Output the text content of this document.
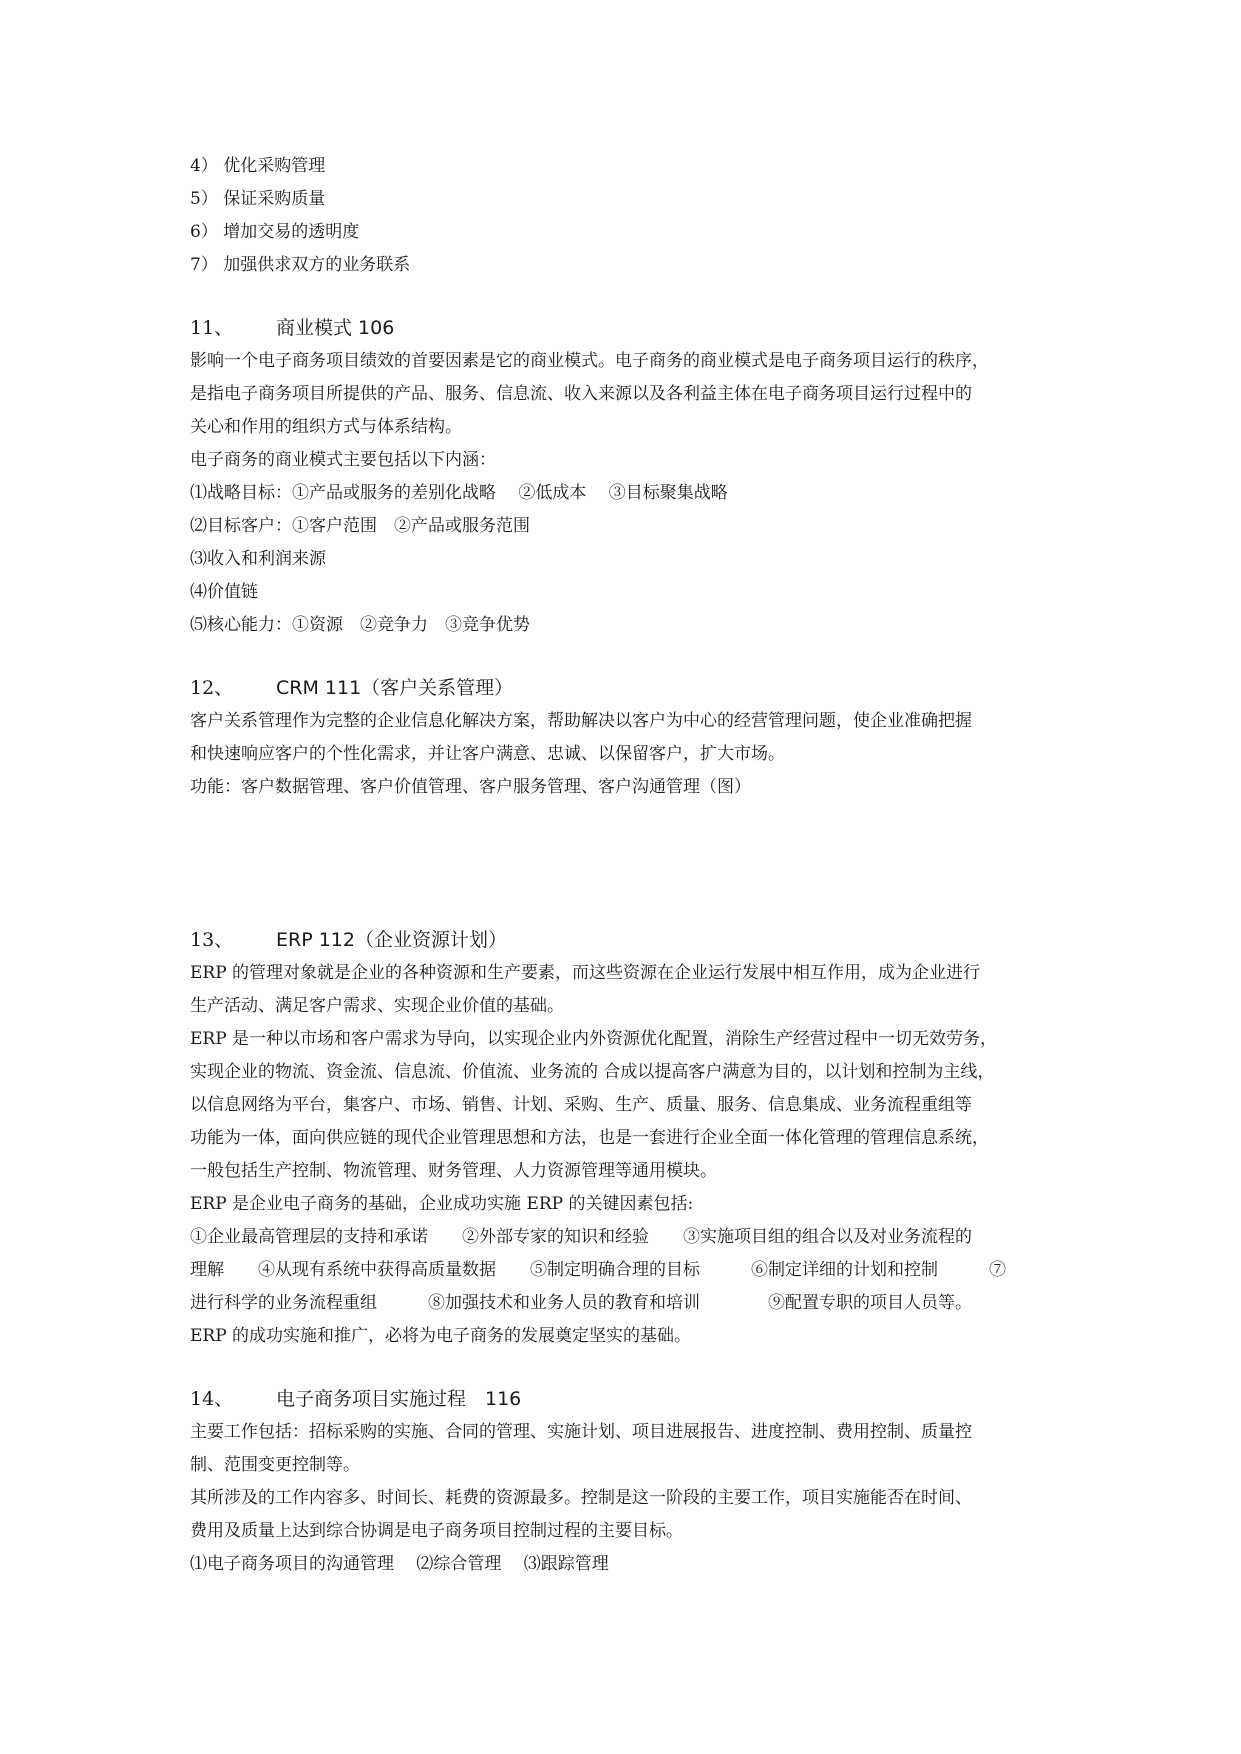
4） 优化采购管理
5） 保证采购质量
6） 增加交易的透明度
7） 加强供求双方的业务联系
11、 商业模式 106
影响一个电子商务项目绩效的首要因素是它的商业模式。电子商务的商业模式是电子商务项目运行的秩序，
是指电子商务项目所提供的产品、服务、信息流、收入来源以及各利益主体在电子商务项目运行过程中的
关心和作用的组织方式与体系结构。
电子商务的商业模式主要包括以下内涵：
⑴战略目标：①产品或服务的差别化战略　 ②低成本　 ③目标聚集战略
⑵目标客户：①客户范围　②产品或服务范围
⑶收入和利润来源
⑷价值链
⑸核心能力：①资源　②竞争力　③竞争优势
12、 CRM 111（客户关系管理）
客户关系管理作为完整的企业信息化解决方案，帮助解决以客户为中心的经营管理问题，使企业准确把握
和快速响应客户的个性化需求，并让客户满意、忠诚、以保留客户，扩大市场。
功能：客户数据管理、客户价值管理、客户服务管理、客户沟通管理（图）
13、 ERP 112（企业资源计划）
ERP 的管理对象就是企业的各种资源和生产要素，而这些资源在企业运行发展中相互作用，成为企业进行
生产活动、满足客户需求、实现企业价值的基础。
ERP 是一种以市场和客户需求为导向，以实现企业内外资源优化配置，消除生产经营过程中一切无效劳务，
实现企业的物流、资金流、信息流、价值流、业务流的 合成以提高客户满意为目的，以计划和控制为主线，
以信息网络为平台，集客户、市场、销售、计划、采购、生产、质量、服务、信息集成、业务流程重组等
功能为一体，面向供应链的现代企业管理思想和方法，也是一套进行企业全面一体化管理的管理信息系统，
一般包括生产控制、物流管理、财务管理、人力资源管理等通用模块。
ERP 是企业电子商务的基础，企业成功实施 ERP 的关键因素包括:
①企业最高管理层的支持和承诺　　②外部专家的知识和经验　　③实施项目组的组合以及对业务流程的
理解　　④从现有系统中获得高质量数据　　⑤制定明确合理的目标　　　⑥制定详细的计划和控制　　　⑦
进行科学的业务流程重组　　　⑧加强技术和业务人员的教育和培训　　　　⑨配置专职的项目人员等。
ERP 的成功实施和推广，必将为电子商务的发展奠定坚实的基础。
14、 电子商务项目实施过程　116
主要工作包括：招标采购的实施、合同的管理、实施计划、项目进展报告、进度控制、费用控制、质量控
制、范围变更控制等。
其所涉及的工作内容多、时间长、耗费的资源最多。控制是这一阶段的主要工作，项目实施能否在时间、
费用及质量上达到综合协调是电子商务项目控制过程的主要目标。
⑴电子商务项目的沟通管理　 ⑵综合管理　 ⑶跟踪管理
